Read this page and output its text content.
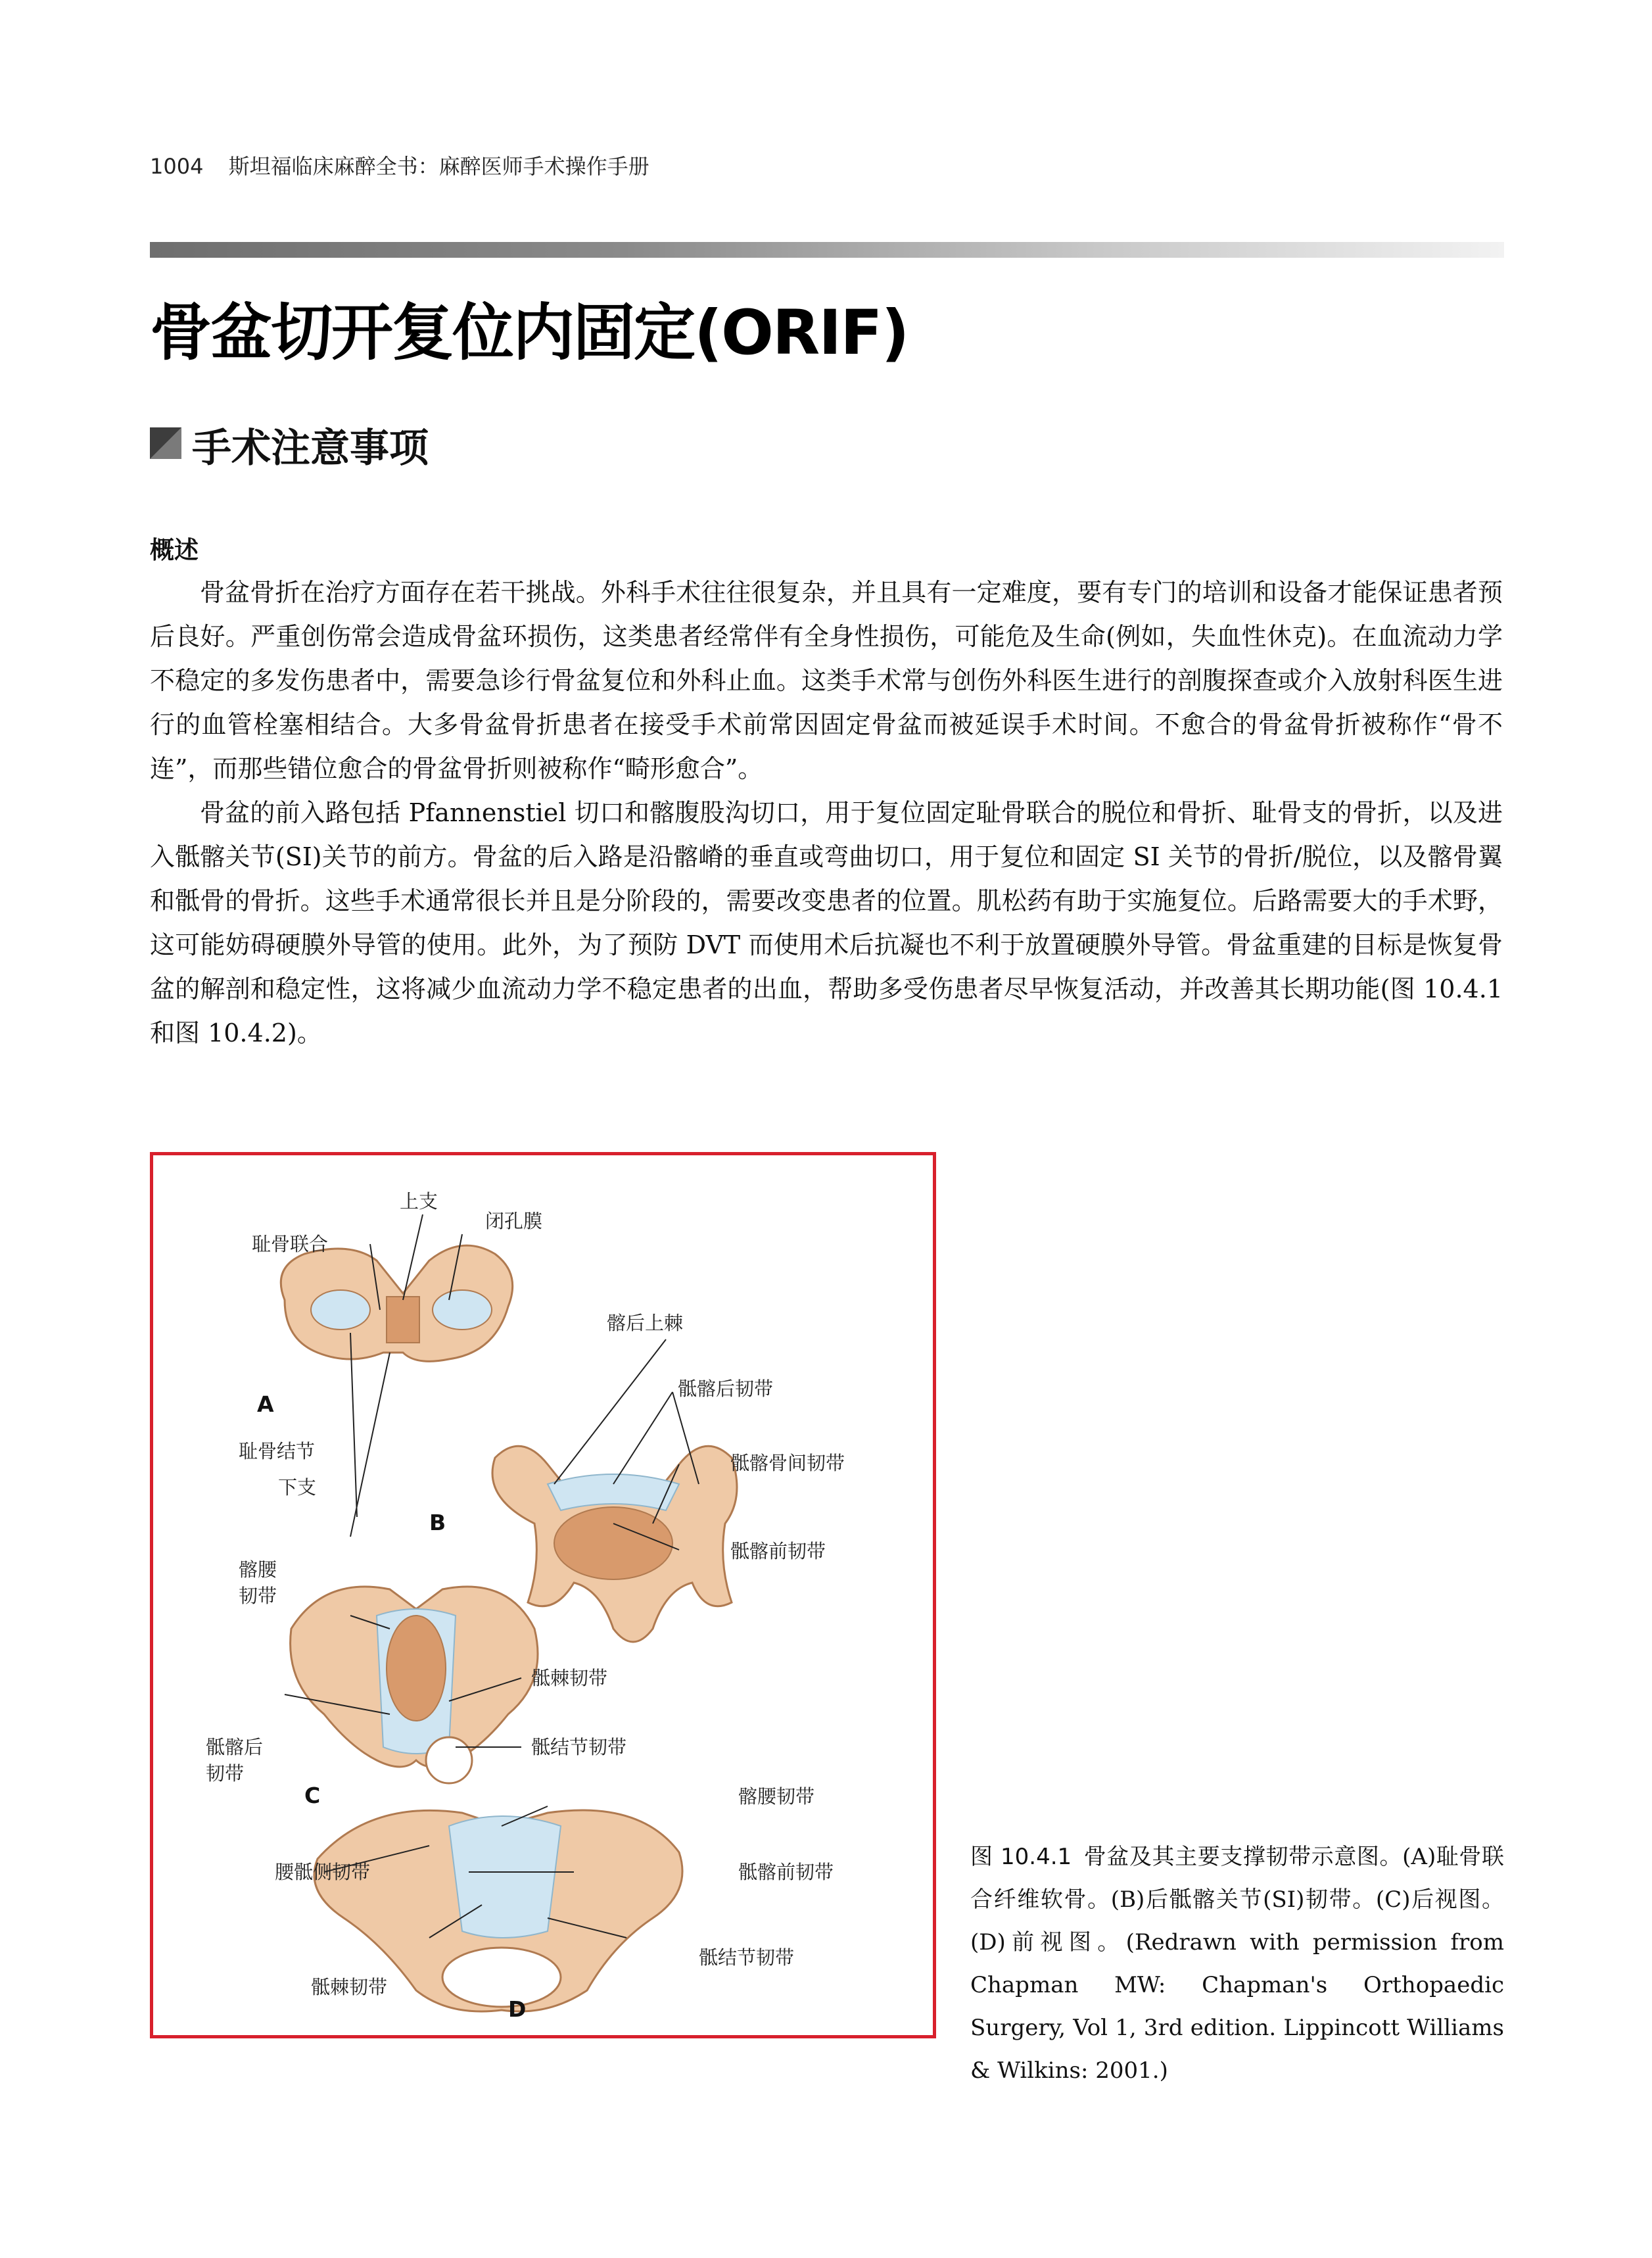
1004 斯坦福临床麻醉全书：麻醉医师手术操作手册
骨盆切开复位内固定(ORIF)
手术注意事项
概述

骨盆骨折在治疗方面存在若干挑战。外科手术往往很复杂，并且具有一定难度，要有专门的培训和设备才能保证患者预后良好。严重创伤常会造成骨盆环损伤，这类患者经常伴有全身性损伤，可能危及生命(例如，失血性休克)。在血流动力学不稳定的多发伤患者中，需要急诊行骨盆复位和外科止血。这类手术常与创伤外科医生进行的剖腹探查或介入放射科医生进行的血管栓塞相结合。大多骨盆骨折患者在接受手术前常因固定骨盆而被延误手术时间。不愈合的骨盆骨折被称作“骨不连”，而那些错位愈合的骨盆骨折则被称作“畸形愈合”。

骨盆的前入路包括 Pfannenstiel 切口和髂腹股沟切口，用于复位固定耻骨联合的脱位和骨折、耻骨支的骨折，以及进入骶髂关节(SI)关节的前方。骨盆的后入路是沿髂嵴的垂直或弯曲切口，用于复位和固定 SI 关节的骨折/脱位，以及髂骨翼和骶骨的骨折。这些手术通常很长并且是分阶段的，需要改变患者的位置。肌松药有助于实施复位。后路需要大的手术野，这可能妨碍硬膜外导管的使用。此外，为了预防 DVT 而使用术后抗凝也不利于放置硬膜外导管。骨盆重建的目标是恢复骨盆的解剖和稳定性，这将减少血流动力学不稳定患者的出血，帮助多受伤患者尽早恢复活动，并改善其长期功能(图 10.4.1 和图 10.4.2)。

A
B
C
D
上支
闭孔膜
耻骨联合
耻骨结节
下支
髂后上棘
骶髂后韧带
骶髂骨间韧带
骶髂前韧带
髂腰韧带
骶棘韧带
骶髂后韧带
骶结节韧带
髂腰韧带
腰骶侧韧带	骶髂前韧带
骶棘韧带
骶结节韧带
图 10.4.1 骨盆及其主要支撑韧带示意图。(A)耻骨联合纤维软骨。(B)后骶髂关节(SI)韧带。(C)后视图。(D)前视图。(Redrawn with permission from Chapman MW: Chapman's Orthopaedic Surgery, Vol 1, 3rd edition. Lippincott Williams & Wilkins: 2001.)
